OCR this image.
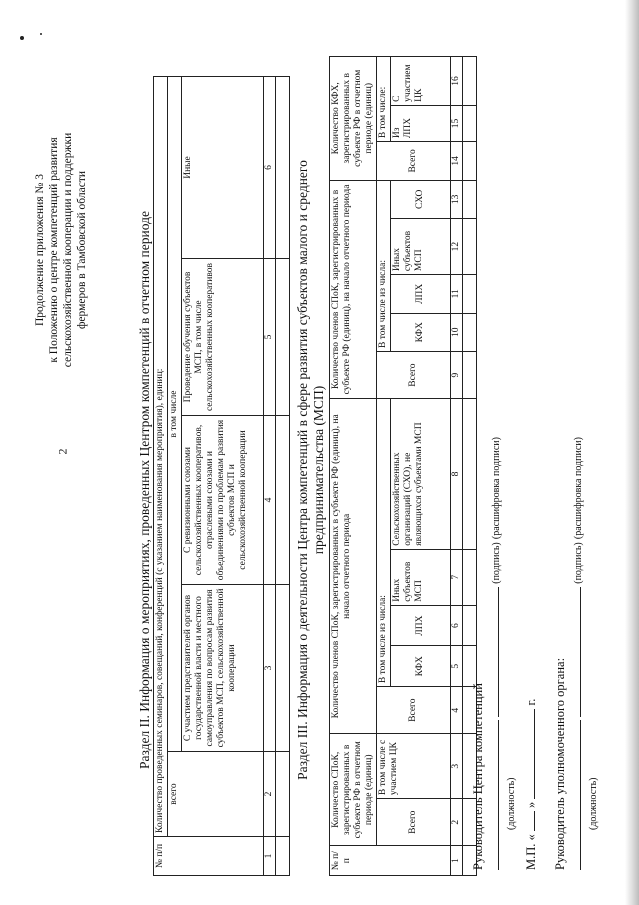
2
Продолжение приложения № 3 к Положению о центре компетенций развития сельскохозяйственной кооперации и поддержки фермеров в Тамбовской области	Раздел II. Информация о мероприятиях, проведенных Центром компетенций в отчетном периоде
№ п/п	Количество проведенных семинаров, совещаний, конференций (с указанием наименования мероприятия), единиц:				
	всего	в том числе			
		С участием представителей органов государственной власти и местного самоуправления по вопросам развития субъектов МСП, сельскохозяйственной кооперации	С ревизионными союзами сельскохозяйственных кооперативов, отраслевыми союзами и объединениями по проблемам развития субъектов МСП и сельскохозяйственной кооперации	Проведение обучения субъектов МСП, в том числе сельскохозяйственных кооперативов	Иные
1	2	3	4	5	6
					Раздел III. Информация о деятельности Центра компетенций в сфере развития субъектов малого и среднего предпринимательства (МСП)
№ п/п	Количество СПоК, зарегистрированных в субъекте РФ в отчетном периоде (единиц)		Количество членов СПоК, зарегистрированных в субъекте РФ (единиц), на начало отчетного периода					Количество членов СПоК, зарегистрированных в субъекте РФ (единиц), на начало отчетного периода					Количество КФХ, зарегистрированных в субъекте РФ в отчетном периоде (единиц)		
	Всего	В том числе с участием ЦК	Всего	В том числе из числа:				Всего	В том числе из числа:				Всего	В том числе:	
				КФХ	ЛПХ	Иных субъектов МСП	Сельскохозяйственных организаций (СХО), не являющихся субъектами МСП		КФХ	ЛПХ	Иных субъектов МСП	СХО		Из ЛПХ	С участием ЦК
1	2	3	4	5	6	7	8	9	10	11	12	13	14	15	16

Руководитель Центра компетенций
(подпись) (расшифровка подписи)
(должность)
М.П. «  »  г. Руководитель уполномоченного органа:
(подпись) (расшифровка подписи)
(должность)
